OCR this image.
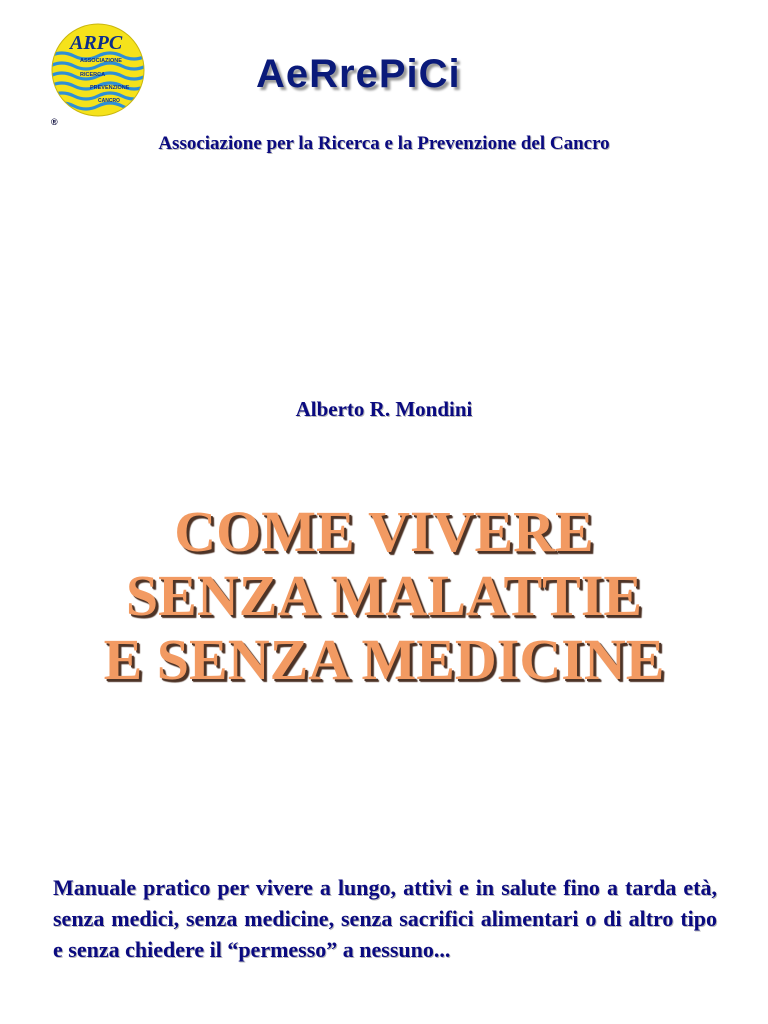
ARPC
ASSOCIAZIONE
RICERCA
PREVENZIONE
CANCRO
®
AeRrePiCi
Associazione per la Ricerca e la Prevenzione del Cancro
Alberto R. Mondini
COME VIVERE
SENZA MALATTIE
E SENZA MEDICINE
Manuale pratico per vivere a lungo, attivi e in salute fino a tarda età, senza medici, senza medicine, senza sacrifici alimentari o di altro tipo e senza chiedere il “permesso” a nessuno...
